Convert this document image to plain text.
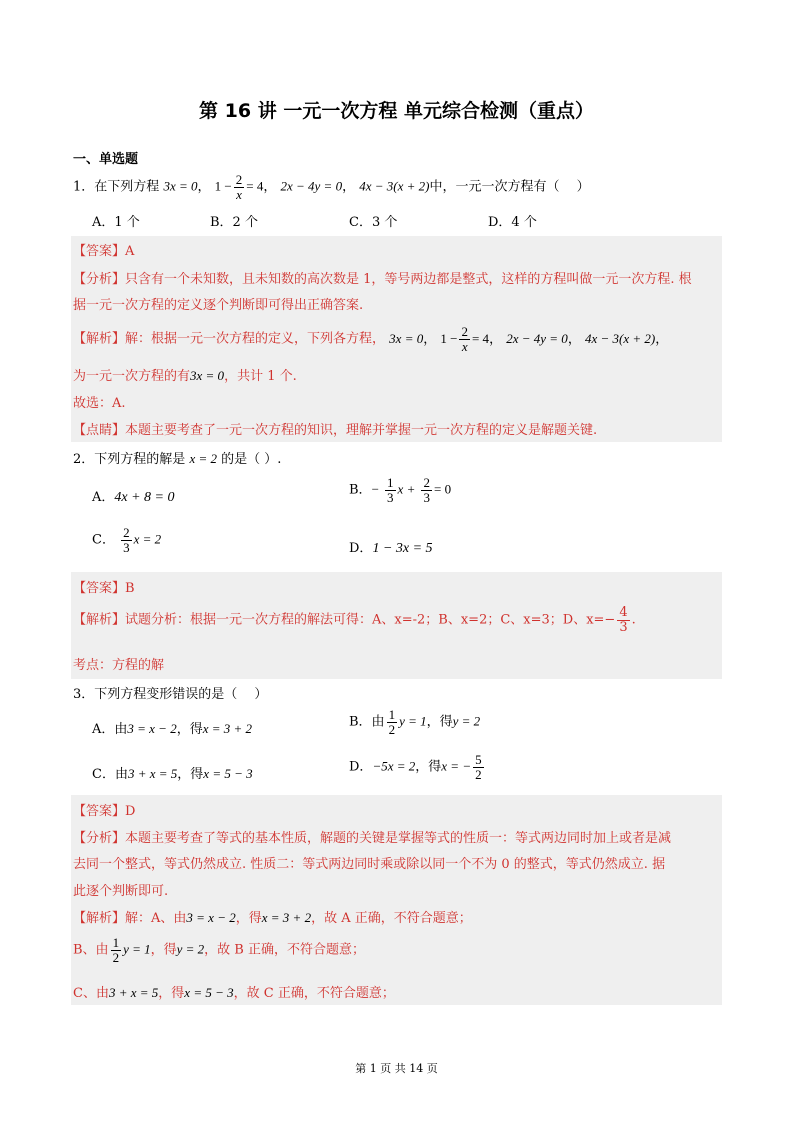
第 16 讲 一元一次方程 单元综合检测（重点）
一、单选题
1．在下列方程 3x = 0， $1 - \frac{2}{x} = 4$， 2x − 4y = 0， 4x − 3(x + 2)中，一元一次方程有（　 ）
A．1 个	B．2 个	C．3 个	D．4 个
【答案】A
【分析】只含有一个未知数，且未知数的高次数是 1，等号两边都是整式，这样的方程叫做一元一次方程. 根
据一元一次方程的定义逐个判断即可得出正确答案.
【解析】解：根据一元一次方程的定义，下列各方程， 3x = 0， $1 - \frac{2}{x} = 4$， 2x − 4y = 0， 4x − 3(x + 2)，
为一元一次方程的有3x = 0，共计 1 个.
故选：A.
【点睛】本题主要考查了一元一次方程的知识，理解并掌握一元一次方程的定义是解题关键.
2．下列方程的解是 x = 2 的是（ ）.
A．4x + 8 = 0	B．− $\frac{1}{3}$ $x + \frac{2}{3} = 0$
C． $\frac{2}{3}$ x = 2
D．1 − 3x = 5
【答案】B
【解析】试题分析：根据一元一次方程的解法可得：A、x=-2；B、x=2；C、x=3；D、$x=- \frac{4}{3}$ .
考点：方程的解
3．下列方程变形错误的是（　 ）
A．由3 = x − 2，得x = 3 + 2	B．由 $\frac{1}{2}$ y = 1，得y = 2
C．由3 + x = 5，得x = 5 − 3	D．−5x = 2，得x = − $\frac{5}{2}$
【答案】D
【分析】本题主要考查了等式的基本性质，解题的关键是掌握等式的性质一：等式两边同时加上或者是减
去同一个整式，等式仍然成立. 性质二：等式两边同时乘或除以同一个不为 0 的整式，等式仍然成立. 据
此逐个判断即可.
【解析】解：A、由3 = x − 2，得x = 3 + 2，故 A 正确，不符合题意；
B、由 $\frac{1}{2}$ y = 1，得y = 2，故 B 正确，不符合题意；
C、由3 + x = 5，得x = 5 − 3，故 C 正确，不符合题意；
第 1 页 共 14 页
